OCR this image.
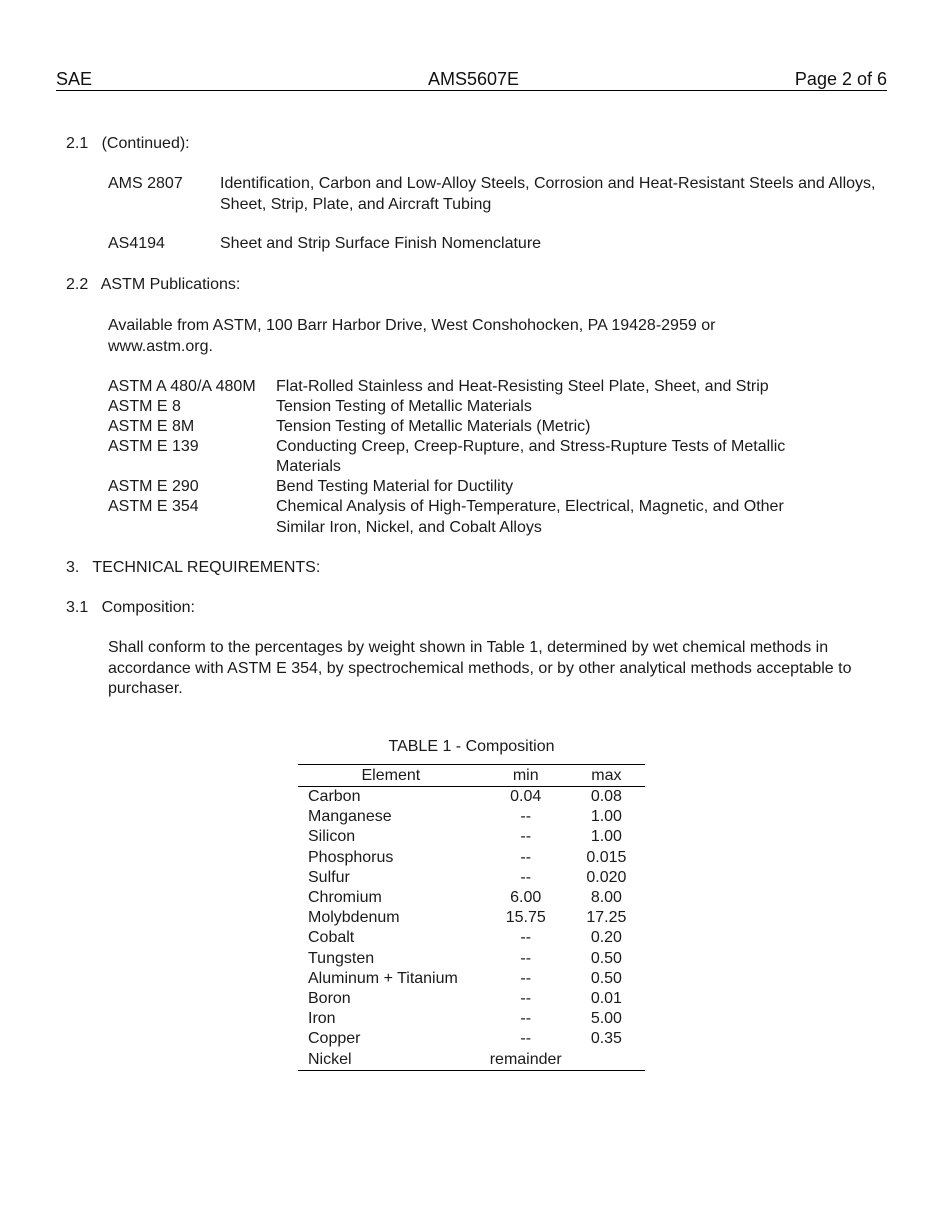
SAE	AMS5607E	Page 2 of 6
2.1   (Continued):
AMS 2807 Identification, Carbon and Low-Alloy Steels, Corrosion and Heat-Resistant Steels and Alloys, Sheet, Strip, Plate, and Aircraft Tubing
AS4194	Sheet and Strip Surface Finish Nomenclature
2.2   ASTM Publications:
Available from ASTM, 100 Barr Harbor Drive, West Conshohocken, PA 19428-2959 or www.astm.org.
ASTM A 480/A 480M Flat-Rolled Stainless and Heat-Resisting Steel Plate, Sheet, and Strip
ASTM E 8	Tension Testing of Metallic Materials
ASTM E 8M	Tension Testing of Metallic Materials (Metric)
ASTM E 139	Conducting Creep, Creep-Rupture, and Stress-Rupture Tests of Metallic Materials
ASTM E 290	Bend Testing Material for Ductility
ASTM E 354	Chemical Analysis of High-Temperature, Electrical, Magnetic, and Other Similar Iron, Nickel, and Cobalt Alloys
3.   TECHNICAL REQUIREMENTS:
3.1   Composition:
Shall conform to the percentages by weight shown in Table 1, determined by wet chemical methods in accordance with ASTM E 354, by spectrochemical methods, or by other analytical methods acceptable to purchaser.
TABLE 1 - Composition
Element	min	max
Carbon	0.04	0.08
Manganese	--	1.00
Silicon	--	1.00
Phosphorus	--	0.015
Sulfur	--	0.020
Chromium	6.00	8.00
Molybdenum	15.75	17.25
Cobalt	--	0.20
Tungsten	--	0.50
Aluminum + Titanium	--	0.50
Boron	--	0.01
Iron	--	5.00
Copper	--	0.35
Nickel	remainder	
